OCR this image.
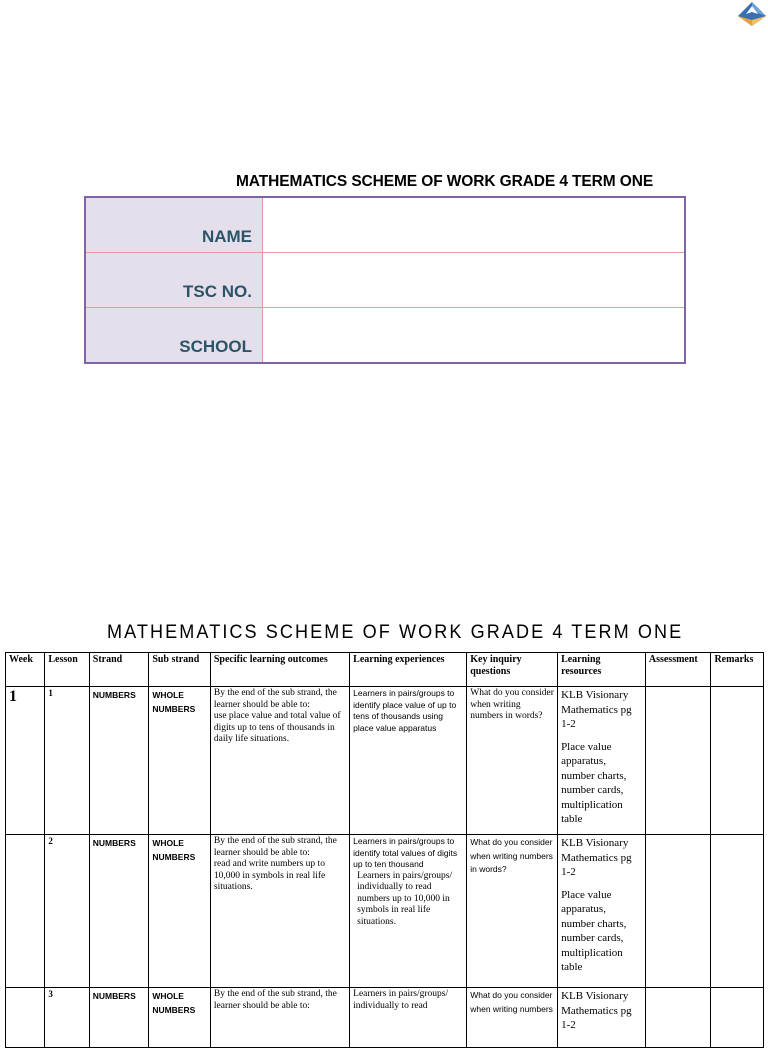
MATHEMATICS SCHEME OF WORK GRADE 4 TERM ONE
NAME	
TSC NO.	
SCHOOL	
MATHEMATICS SCHEME OF WORK GRADE 4 TERM ONE
Week	Lesson	Strand	Sub strand	Specific learning outcomes	Learning experiences	Key inquiry questions	Learning resources	Assessment	Remarks
1	1	NUMBERS	WHOLE NUMBERS	By the end of the sub strand, the learner should be able to:
use place value and total value of digits up to tens of thousands in daily life situations.	Learners in pairs/groups to identify place value of up to tens of thousands using place value apparatus	What do you consider when writing numbers in words?	KLB Visionary Mathematics pg 1-2
Place value apparatus, number charts, number cards, multiplication table		

	2	NUMBERS	WHOLE NUMBERS	By the end of the sub strand, the learner should be able to:
read and write numbers up to 10,000 in symbols in real life situations.	Learners in pairs/groups to identify total values of digits up to ten thousand
Learners in pairs/groups/ individually to read numbers up to 10,000 in symbols in real life situations.	What do you consider when writing numbers in words?	KLB Visionary Mathematics pg 1-2
Place value apparatus, number charts, number cards, multiplication table		

	3	NUMBERS	WHOLE NUMBERS	By the end of the sub strand, the learner should be able to:	Learners in pairs/groups/ individually to read	What do you consider when writing numbers	KLB Visionary Mathematics pg 1-2		
